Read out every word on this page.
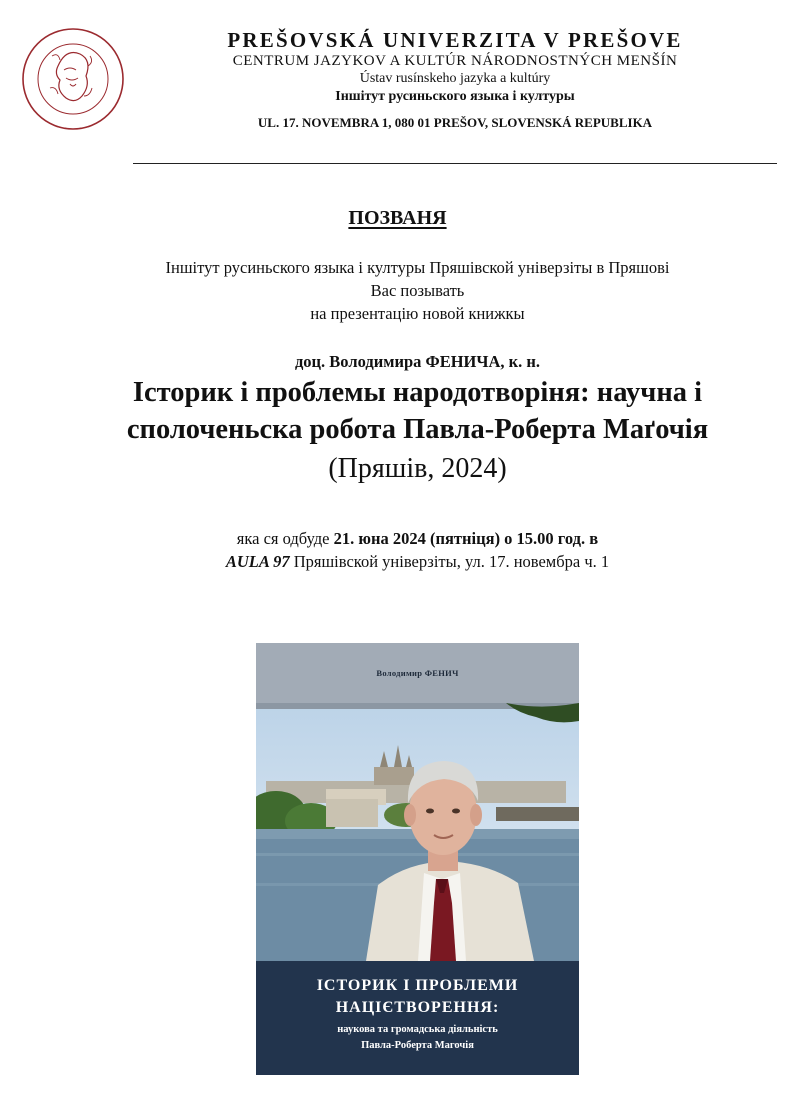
PREŠOVSKÁ UNIVERZITA V PREŠOVE
CENTRUM JAZYKOV A KULTÚR NÁRODNOSTNÝCH MENŠÍN
Ústav rusínskeho jazyka a kultúry
Іншітут русиньского языка і културы
UL. 17. NOVEMBRA 1, 080 01 PREŠOV, SLOVENSKÁ REPUBLIKA
ПОЗВАНЯ
Іншітут русиньского языка і културы Пряшівской універзіты в Пряшові
Вас позывать
на презентацію новой книжкы
доц. Володимира ФЕНИЧА, к. н.
Історик і проблемы народотворіня: научна і
сполоченьска робота Павла-Роберта Маґочія
(Пряшів, 2024)
яка ся одбуде 21. юна 2024 (пятніця) о 15.00 год. в
AULA 97 Пряшівской універзіты, ул. 17. новембра ч. 1
Володимир ФЕНИЧ
ІСТОРИК І ПРОБЛЕМИ
НАЦІЄТВОРЕННЯ:
наукова та громадська діяльність
Павла-Роберта Магочія
